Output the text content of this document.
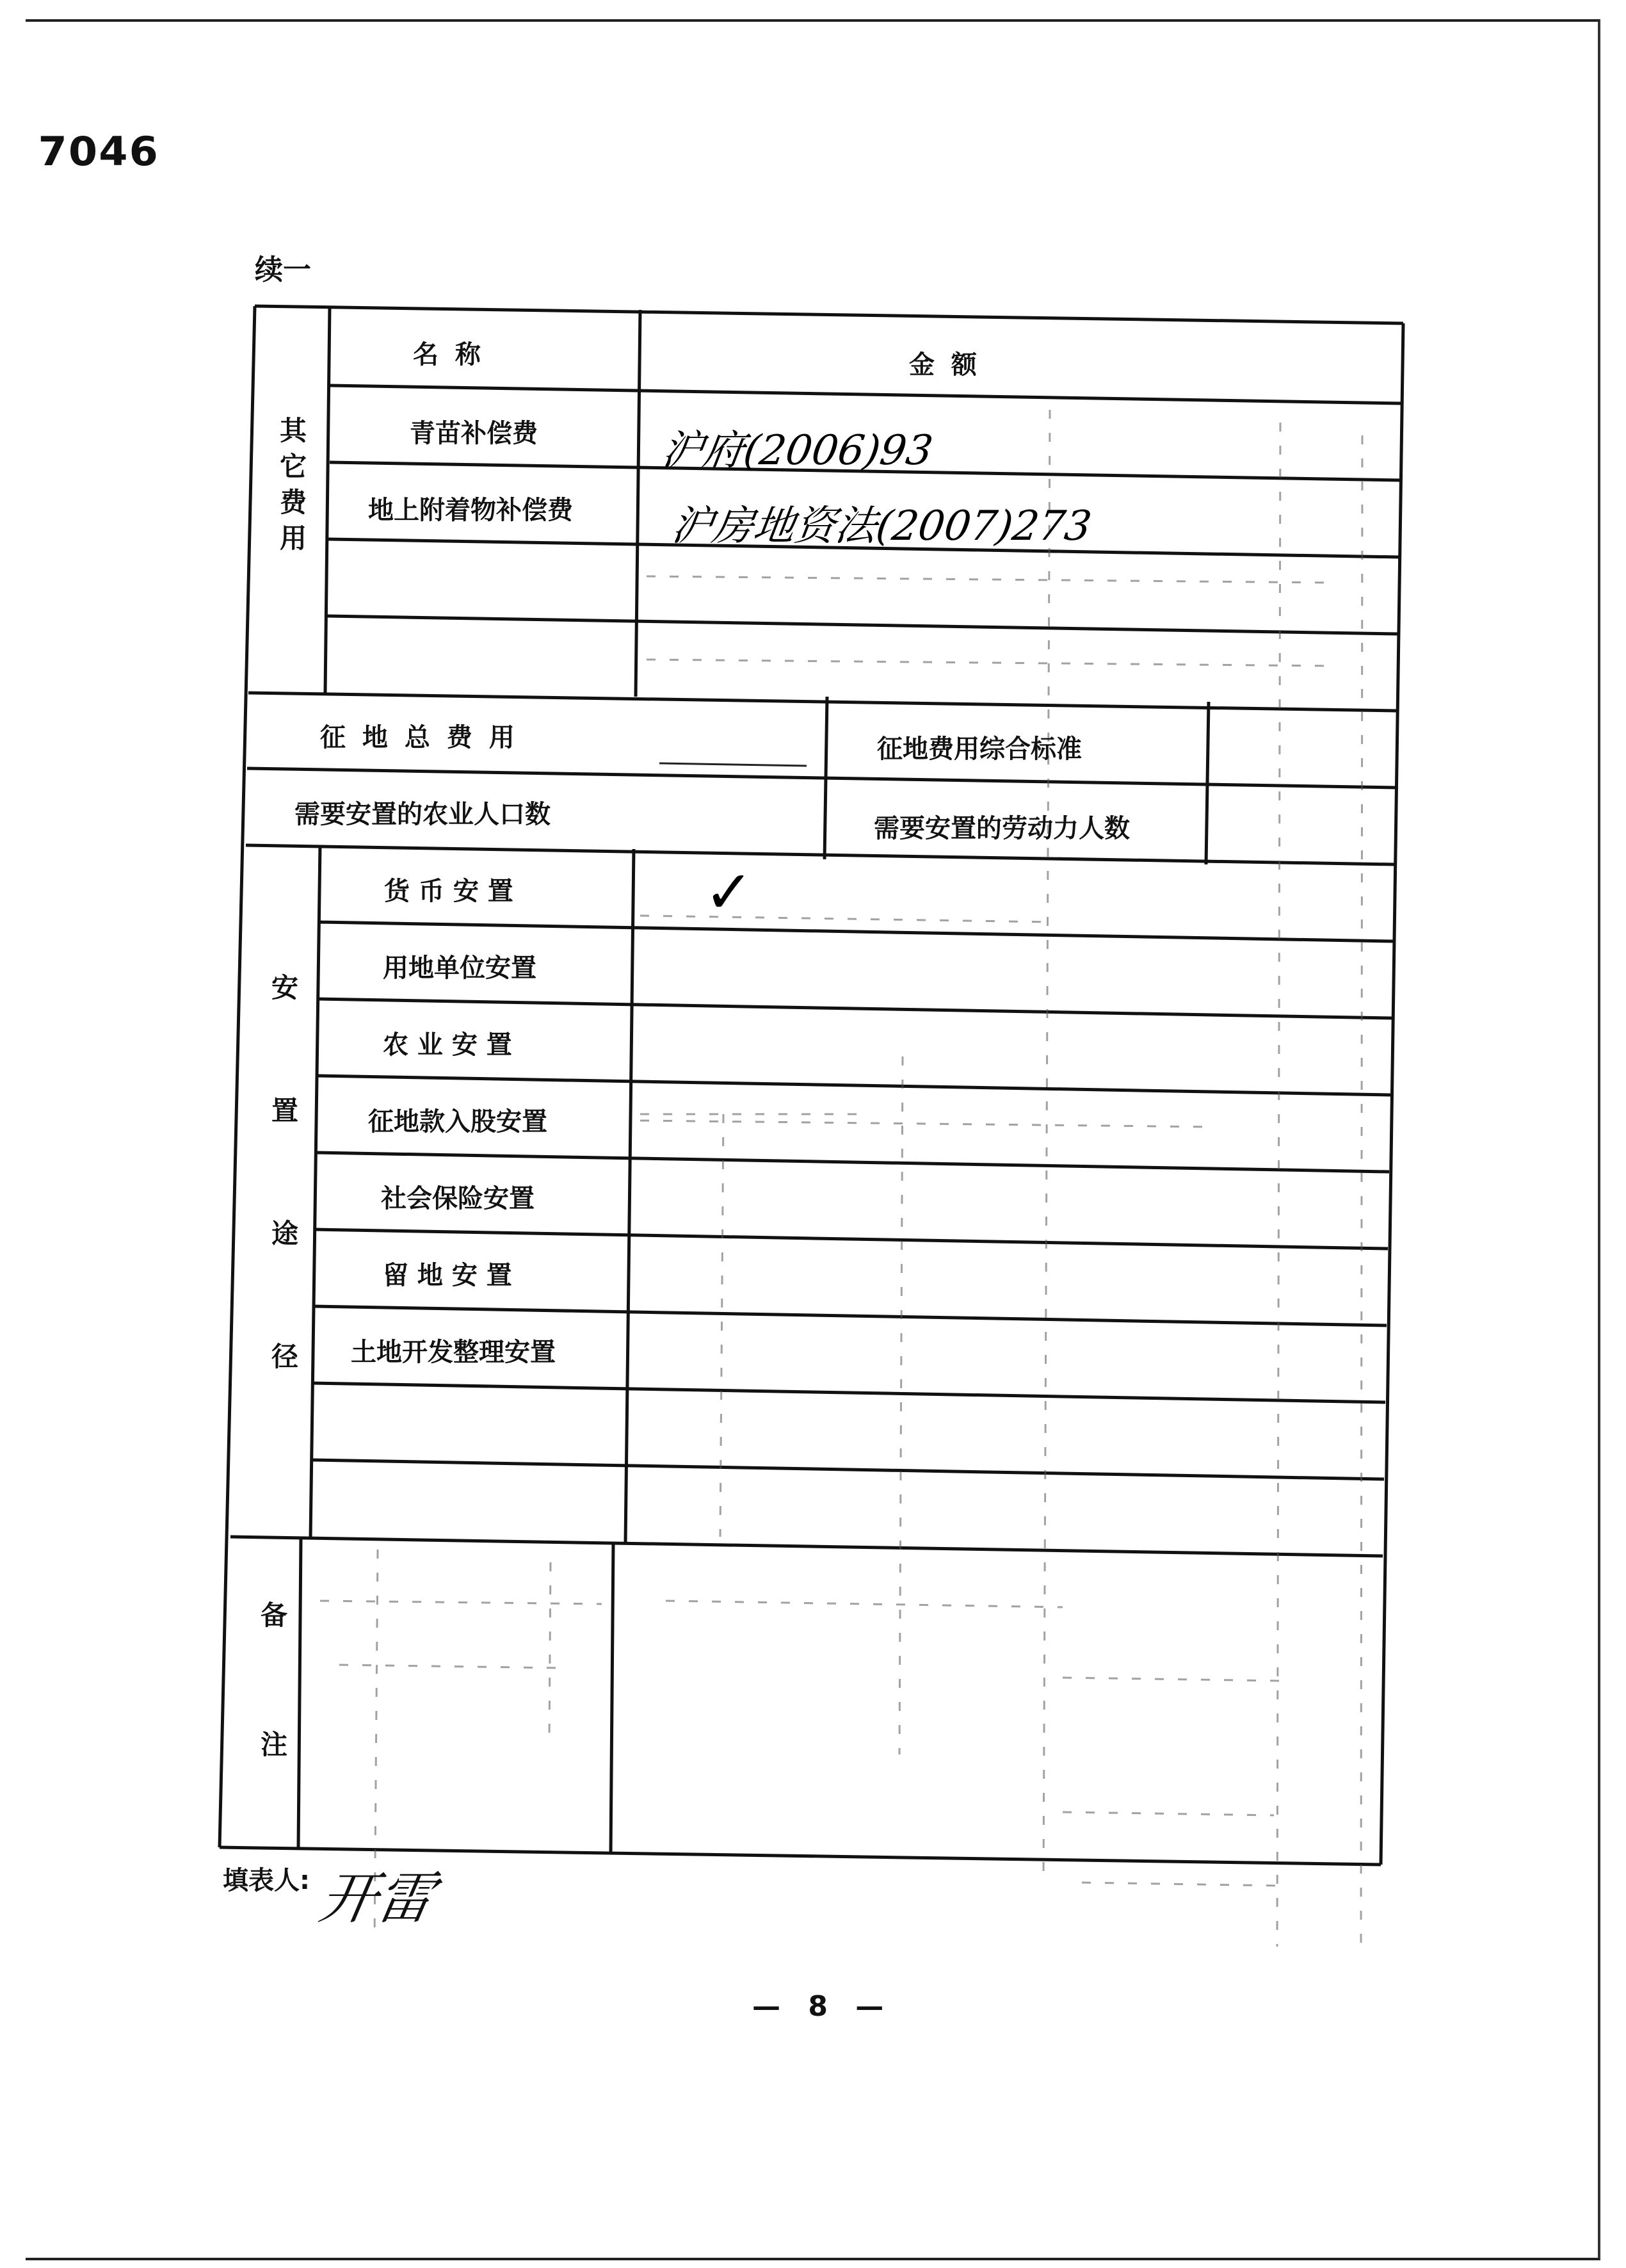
7046
续一
名 称	金 额
其它费用	青苗补偿费	沪府(2006)93
地上附着物补偿费 沪房地资法(2007)273
征 地 总 费 用	征地费用综合标准
需要安置的农业人口数	需要安置的劳动力人数
安置途径
货 币 安 置	✓
用地单位安置
农 业 安 置
征地款入股安置
社会保险安置
留 地 安 置
土地开发整理安置
备注
填表人: 开雷
— 8 —
